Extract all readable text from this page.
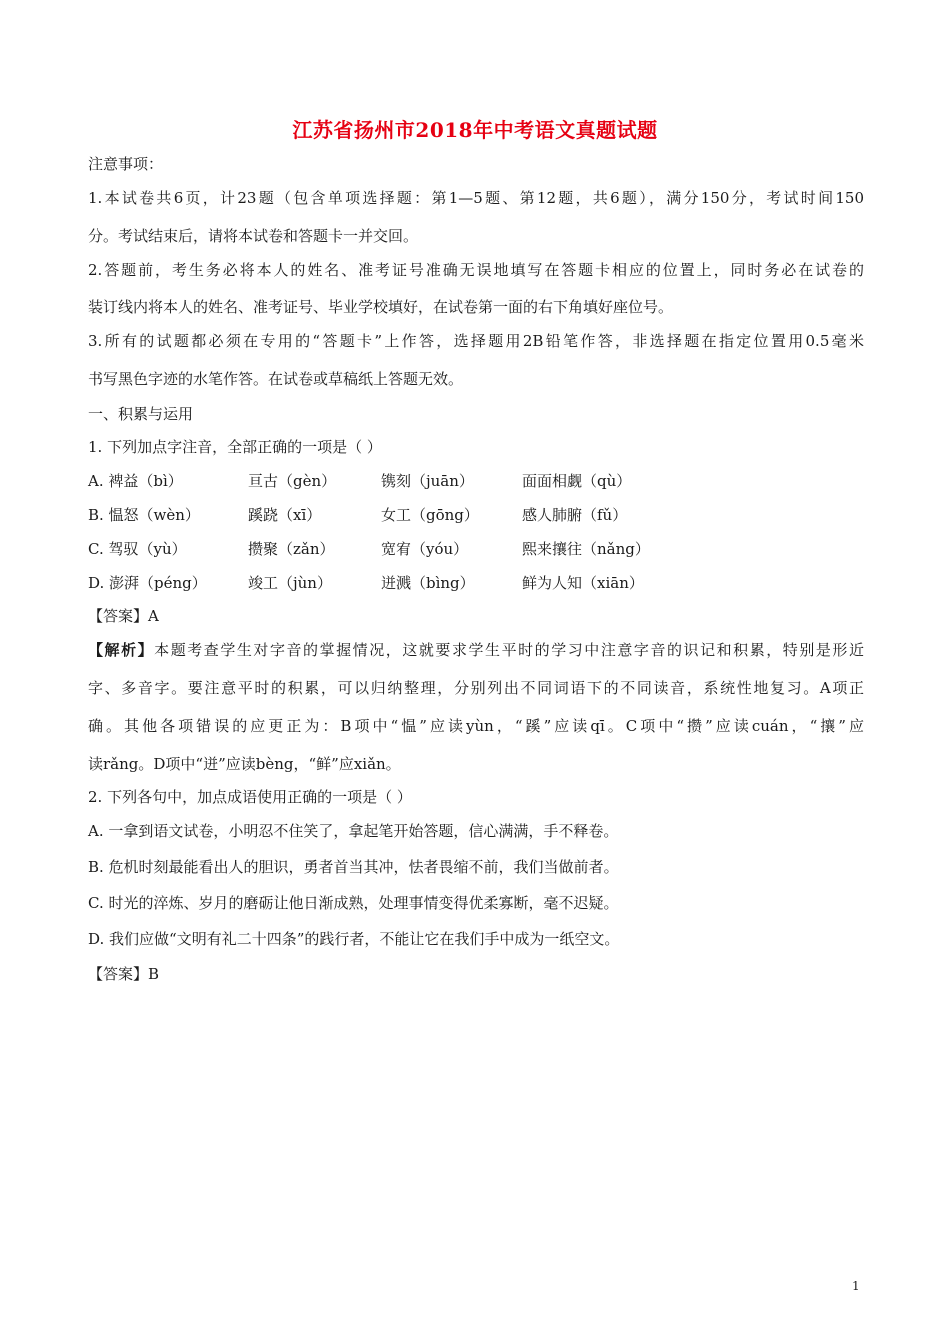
江苏省扬州市2018年中考语文真题试题
注意事项：
1.本试卷共6页，计23题（包含单项选择题：第1—5题、第12题，共6题），满分150分，考试时间150
分。考试结束后，请将本试卷和答题卡一并交回。
2.答题前，考生务必将本人的姓名、准考证号准确无误地填写在答题卡相应的位置上，同时务必在试卷的
装订线内将本人的姓名、准考证号、毕业学校填好，在试卷第一面的右下角填好座位号。
3.所有的试题都必须在专用的“答题卡”上作答，选择题用2B铅笔作答，非选择题在指定位置用0.5毫米
书写黑色字迹的水笔作答。在试卷或草稿纸上答题无效。
一、积累与运用
1. 下列加点字注音，全部正确的一项是（ ）
A. 裨益（bì）	亘古（gèn）	镌刻（juān）	面面相觑（qù）
B. 愠怒（wèn）	蹊跷（xī）	女工（gōng）	感人肺腑（fǔ）
C. 驾驭（yù）	攒聚（zǎn）	宽宥（yóu）	熙来攘往（nǎng）
D. 澎湃（péng）	竣工（jùn）	迸溅（bìng）	鲜为人知（xiān）
【答案】A
【解析】本题考查学生对字音的掌握情况，这就要求学生平时的学习中注意字音的识记和积累，特别是形近
字、多音字。要注意平时的积累，可以归纳整理，分别列出不同词语下的不同读音，系统性地复习。A项正
确。其他各项错误的应更正为：B项中“愠”应读yùn，“蹊”应读qī。C项中“攒”应读cuán，“攘”应
读rǎng。D项中“迸”应读bèng，“鲜”应xiǎn。
2. 下列各句中，加点成语使用正确的一项是（ ）
A. 一拿到语文试卷，小明忍不住笑了，拿起笔开始答题，信心满满，手不释卷。
B. 危机时刻最能看出人的胆识，勇者首当其冲，怯者畏缩不前，我们当做前者。
C. 时光的淬炼、岁月的磨砺让他日渐成熟，处理事情变得优柔寡断，毫不迟疑。
D. 我们应做“文明有礼二十四条”的践行者，不能让它在我们手中成为一纸空文。
【答案】B
1
